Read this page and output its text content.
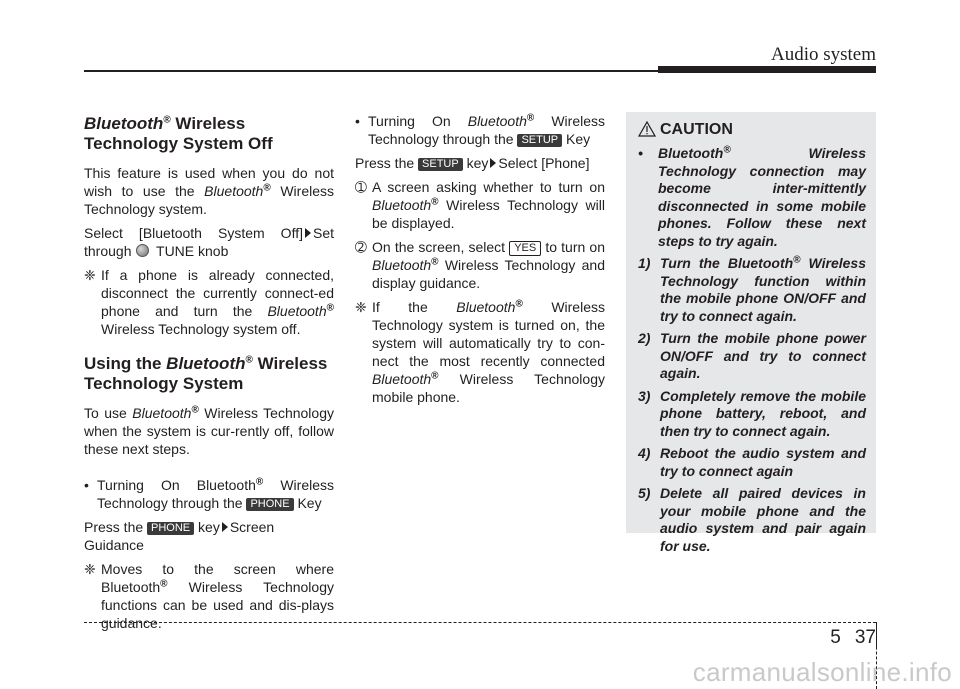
Audio system
Bluetooth® Wireless Technology System Off
This feature is used when you do not wish to use the Bluetooth® Wireless Technology system.
Select [Bluetooth System Off] Set through  TUNE knob
❈ If a phone is already connected, disconnect the currently connect-ed phone and turn the Bluetooth® Wireless Technology system off.
Using the Bluetooth® Wireless Technology System
To use Bluetooth® Wireless Technology when the system is cur-rently off, follow these next steps.
• Turning On Bluetooth® Wireless Technology through the PHONE Key
Press the PHONE key Screen Guidance
❈ Moves to the screen where Bluetooth® Wireless Technology functions can be used and dis-plays guidance.
• Turning On Bluetooth® Wireless Technology through the SETUP Key
Press the SETUP key Select [Phone]
➀ A screen asking whether to turn on Bluetooth® Wireless Technology will be displayed.
➁ On the screen, select YES to turn on Bluetooth® Wireless Technology and display guidance.
❈ If the Bluetooth® Wireless Technology system is turned on, the system will automatically try to con-nect the most recently connected Bluetooth® Wireless Technology mobile phone.
CAUTION
• Bluetooth® Wireless Technology connection may become inter-mittently disconnected in some mobile phones. Follow these next steps to try again.
1) Turn the Bluetooth® Wireless Technology function within the mobile phone ON/OFF and try to connect again.
2) Turn the mobile phone power ON/OFF and try to connect again.
3) Completely remove the mobile phone battery, reboot, and then try to connect again.
4) Reboot the audio system and try to connect again
5) Delete all paired devices in your mobile phone and the audio system and pair again for use.
5 37
carmanualsonline.info
